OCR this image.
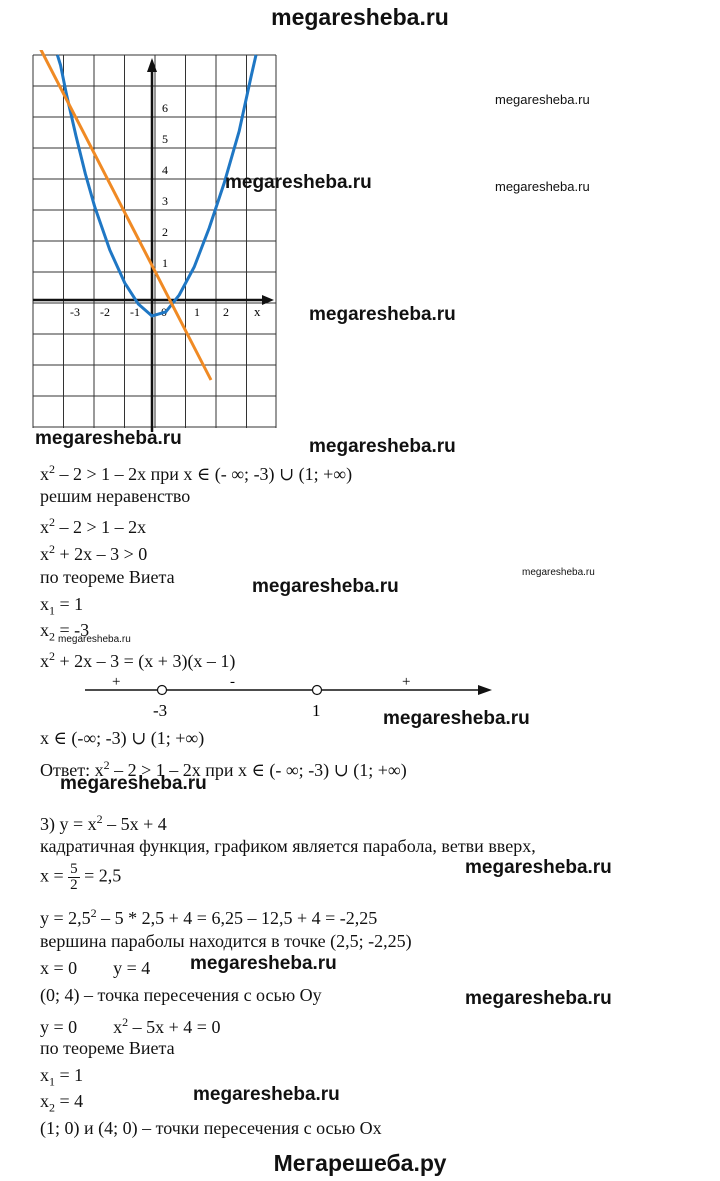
megaresheba.ru
6
5
4
3
2
1
-3 -2 -1 0 1 2 x
megaresheba.ru
megaresheba.ru	megaresheba.ru
megaresheba.ru
megaresheba.ru	megaresheba.ru
megaresheba.ru
megaresheba.ru
megaresheba.ru
megaresheba.ru
megaresheba.ru
megaresheba.ru
megaresheba.ru
megaresheba.ru
megaresheba.ru
$x^2 - 2 > 1 - 2x$ при x ∈ (- ∞; -3) ∪ (1; +∞)
решим неравенство
$x^2 - 2 > 1 - 2x$
$x^2 + 2x - 3 > 0$
по теореме Виета
$x_1 = 1$
$x_2 = -3$
$x^2 + 2x - 3 = (x + 3)(x - 1)$
+	-	+
-3	1
x ∈ (-∞; -3) ∪ (1; +∞)
Ответ: $x^2 - 2 > 1 - 2x$ при x ∈ (- ∞; -3) ∪ (1; +∞)
3) $y = x^2 - 5x + 4$
кадратичная функция, графиком является парабола, ветви вверх,
$x = \frac{5}{2} = 2,5$
$y = 2,5^2 - 5 * 2,5 + 4 = 6,25 - 12,5 + 4 = -2,25$
вершина параболы находится в точке (2,5; -2,25)
x = 0        y = 4
(0; 4) – точка пересечения с осью Oy
y = 0        $x^2 - 5x + 4 = 0$
по теореме Виета
$x_1 = 1$
$x_2 = 4$
(1; 0) и (4; 0) – точки пересечения с осью Ox
Мегарешеба.ру
